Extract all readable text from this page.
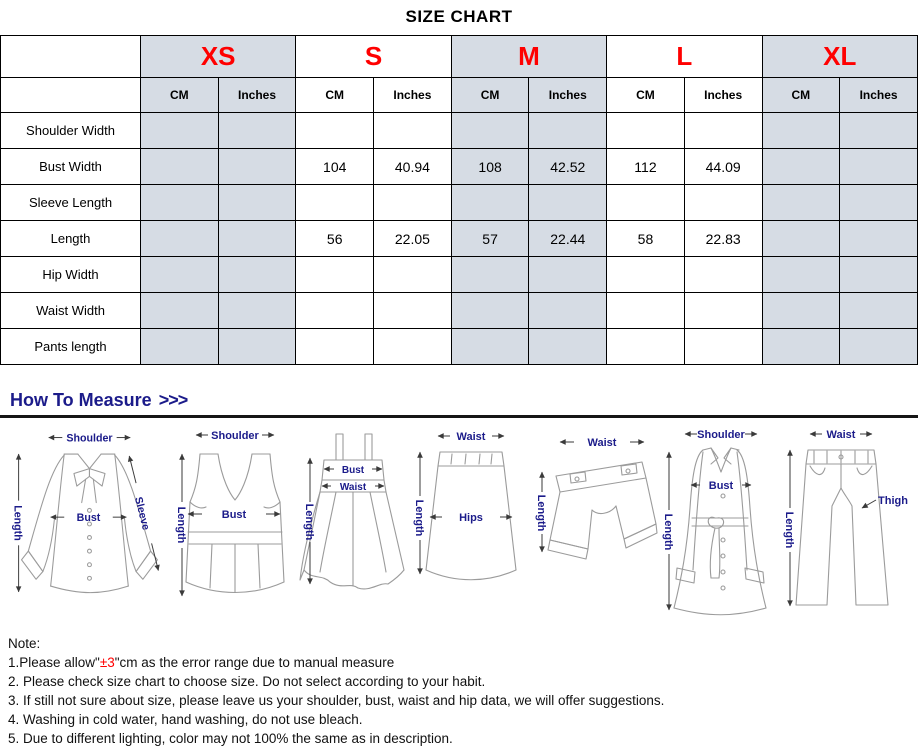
SIZE CHART
	XS		S		M		L		XL	
	CM	Inches	CM	Inches	CM	Inches	CM	Inches	CM	Inches
Shoulder Width										
Bust Width			104	40.94	108	42.52	112	44.09		
Sleeve Length										
Length			56	22.05	57	22.44	58	22.83		
Hip Width										
Waist Width										
Pants length										
How To Measure >>>
Shoulder
Length	Bust	Sleeve
Shoulder
Length	Bust	Length
Bust
Waist
Waist
Length	Hips
Waist
Length
Shoulder
Length
Bust
Waist
Length
Thigh
Note:
1.Please allow"±3"cm as the error range due to manual measure
2. Please check size chart to choose size. Do not select according to your habit.
3. If still not sure about size, please leave us your shoulder, bust, waist and hip data, we will offer suggestions.
4. Washing in cold water, hand washing, do not use bleach.
5. Due to different lighting, color may not 100% the same as in description.
